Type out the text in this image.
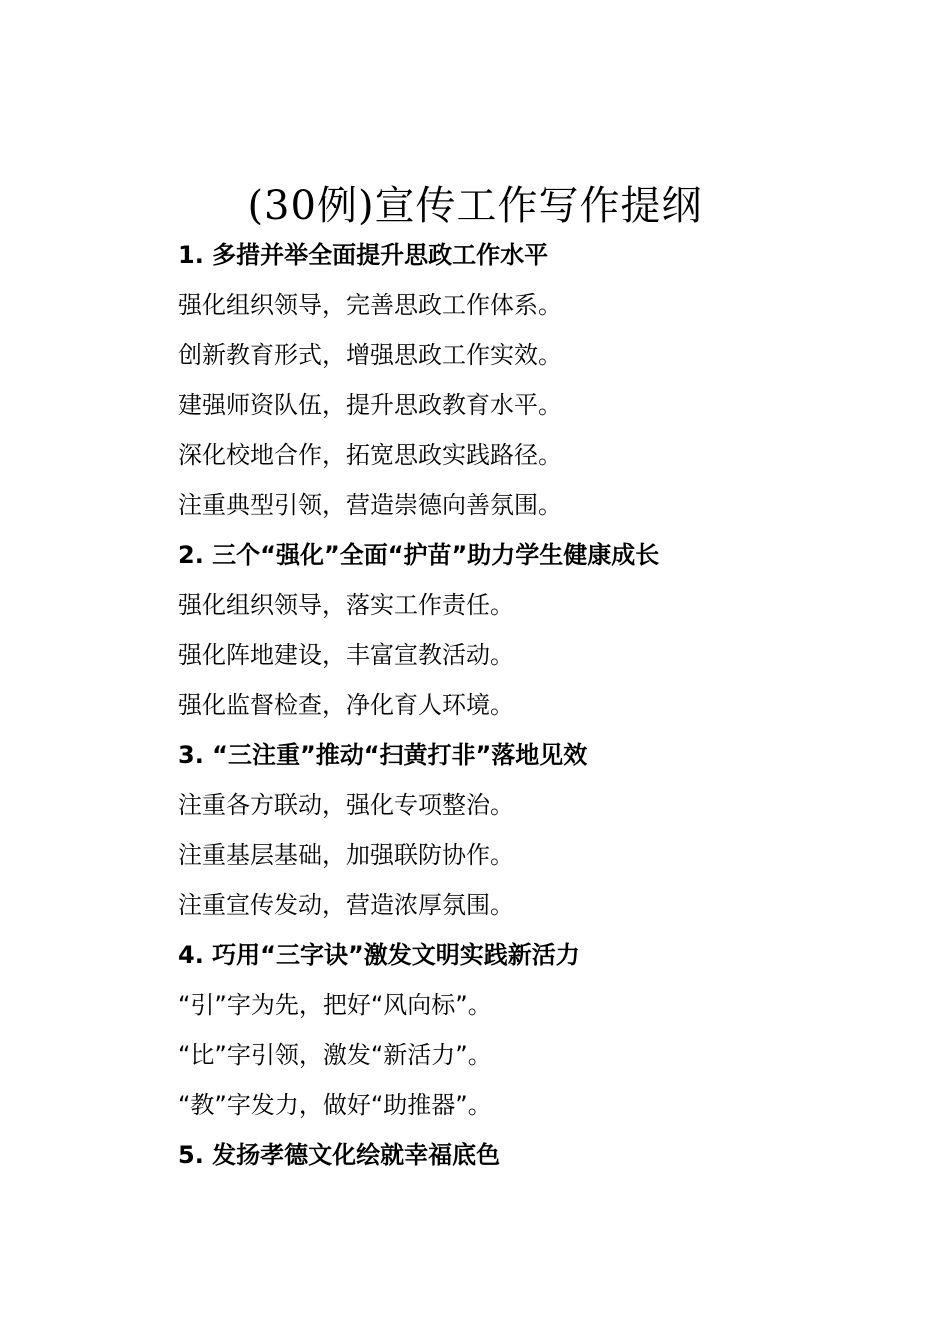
(30例)宣传工作写作提纲

1. 多措并举全面提升思政工作水平

强化组织领导，完善思政工作体系。

创新教育形式，增强思政工作实效。

建强师资队伍，提升思政教育水平。

深化校地合作，拓宽思政实践路径。

注重典型引领，营造崇德向善氛围。

2. 三个“强化”全面“护苗”助力学生健康成长

强化组织领导，落实工作责任。

强化阵地建设，丰富宣教活动。

强化监督检查，净化育人环境。

3. “三注重”推动“扫黄打非”落地见效

注重各方联动，强化专项整治。

注重基层基础，加强联防协作。

注重宣传发动，营造浓厚氛围。

4. 巧用“三字诀”激发文明实践新活力

“引”字为先，把好“风向标”。

“比”字引领，激发“新活力”。

“教”字发力，做好“助推器”。

5. 发扬孝德文化绘就幸福底色
